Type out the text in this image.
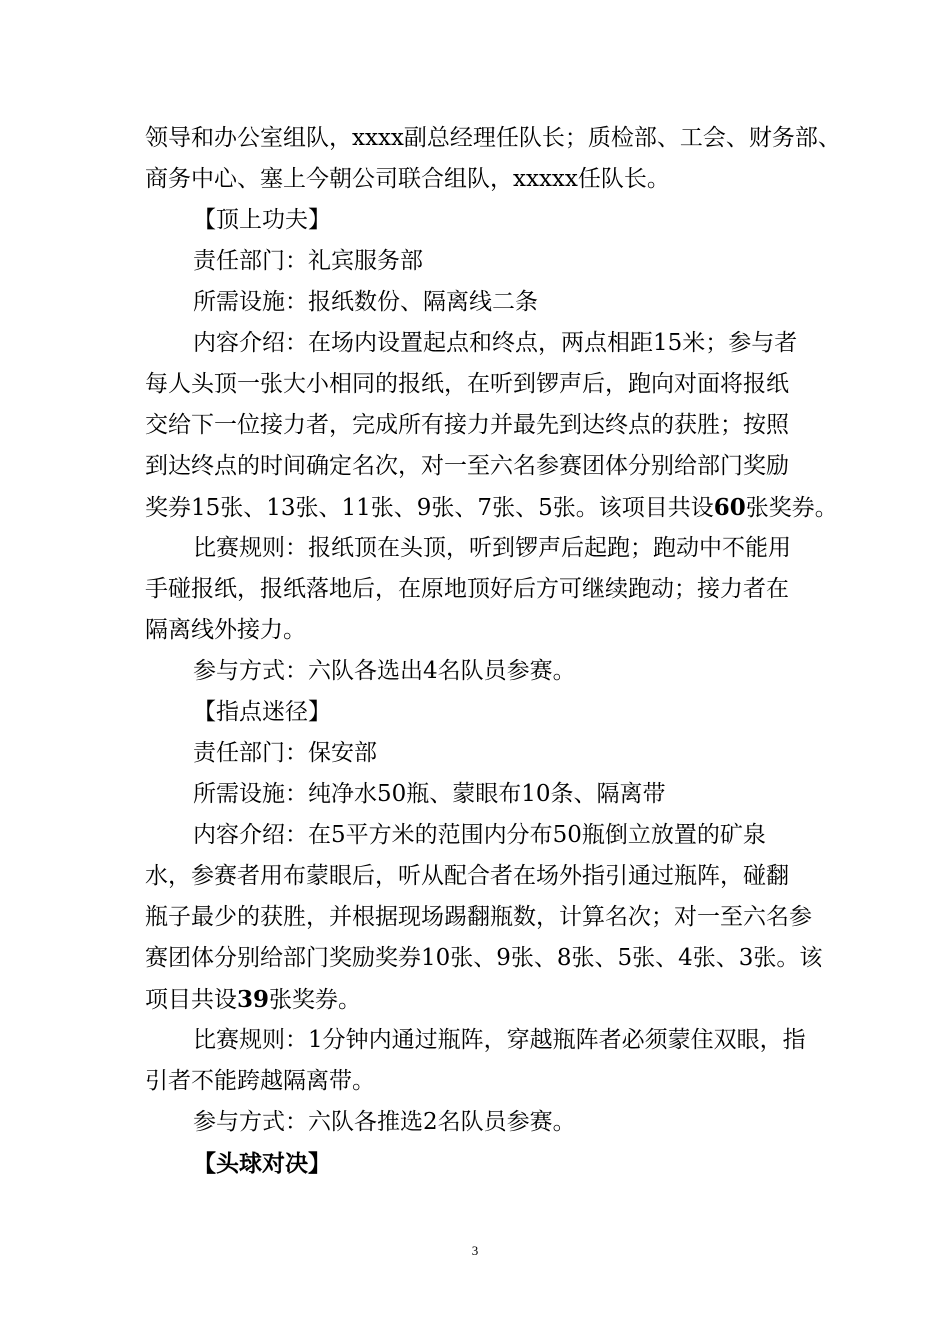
领导和办公室组队，xxxx副总经理任队长；质检部、工会、财务部、
商务中心、塞上今朝公司联合组队，xxxxx任队长。
【顶上功夫】
责任部门：礼宾服务部
所需设施：报纸数份、隔离线二条
内容介绍：在场内设置起点和终点，两点相距15米；参与者
每人头顶一张大小相同的报纸，在听到锣声后，跑向对面将报纸
交给下一位接力者，完成所有接力并最先到达终点的获胜；按照
到达终点的时间确定名次，对一至六名参赛团体分别给部门奖励
奖券15张、13张、11张、9张、7张、5张。该项目共设60张奖券。
比赛规则：报纸顶在头顶，听到锣声后起跑；跑动中不能用
手碰报纸，报纸落地后，在原地顶好后方可继续跑动；接力者在
隔离线外接力。
参与方式：六队各选出4名队员参赛。
【指点迷径】
责任部门：保安部
所需设施：纯净水50瓶、蒙眼布10条、隔离带
内容介绍：在5平方米的范围内分布50瓶倒立放置的矿泉
水，参赛者用布蒙眼后，听从配合者在场外指引通过瓶阵，碰翻
瓶子最少的获胜，并根据现场踢翻瓶数，计算名次；对一至六名参
赛团体分别给部门奖励奖券10张、9张、8张、5张、4张、3张。该
项目共设39张奖券。
比赛规则：1分钟内通过瓶阵，穿越瓶阵者必须蒙住双眼，指
引者不能跨越隔离带。
参与方式：六队各推选2名队员参赛。
【头球对决】
3
